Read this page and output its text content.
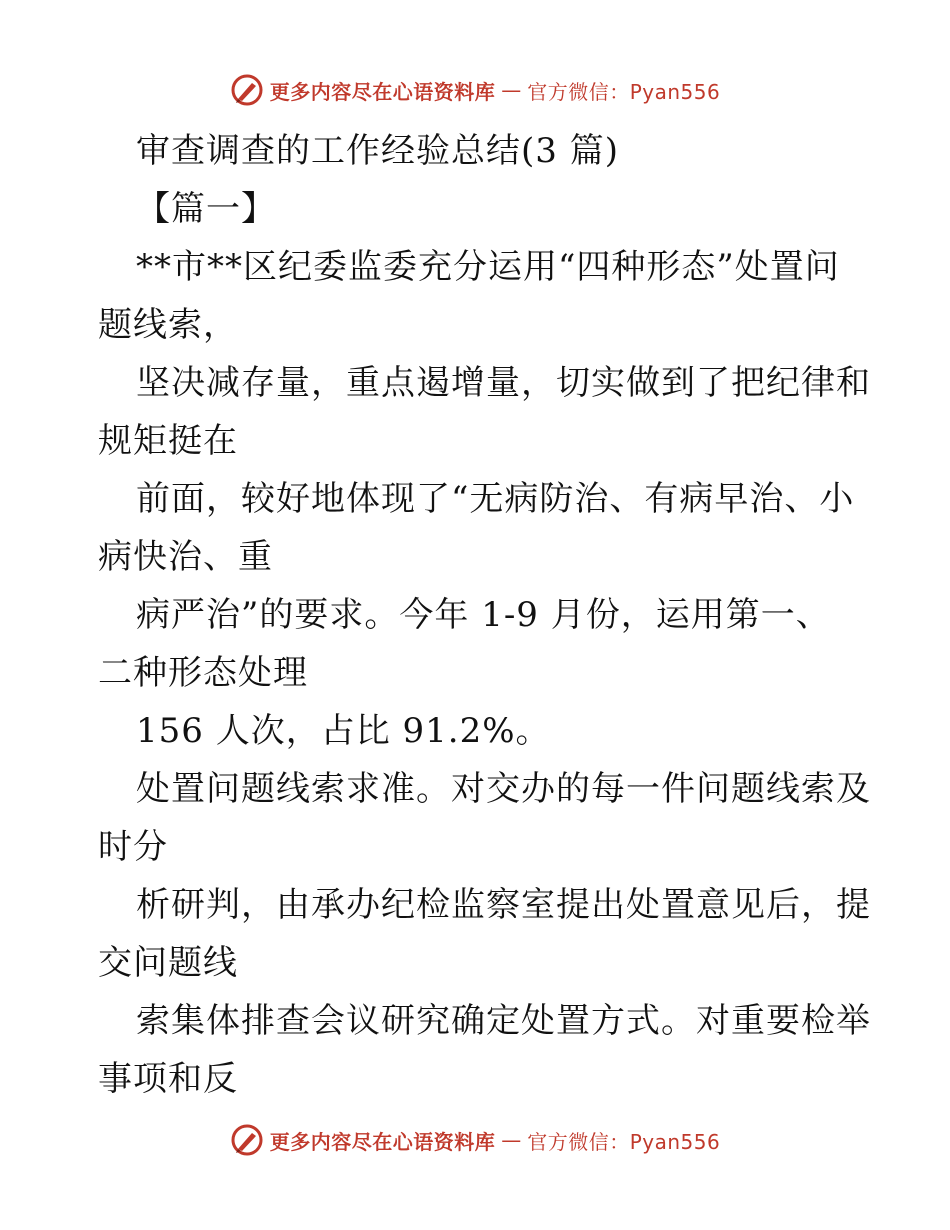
更多内容尽在心语资料库 — 官方微信：Pyan556
审查调查的工作经验总结(3 篇)
【篇一】
**市**区纪委监委充分运用“四种形态”处置问
题线索，
坚决减存量，重点遏增量，切实做到了把纪律和
规矩挺在
前面，较好地体现了“无病防治、有病早治、小
病快治、重
病严治”的要求。今年 1-9 月份，运用第一、
二种形态处理
156 人次，占比 91.2%。
处置问题线索求准。对交办的每一件问题线索及
时分
析研判，由承办纪检监察室提出处置意见后，提
交问题线
索集体排查会议研究确定处置方式。对重要检举
事项和反
更多内容尽在心语资料库 — 官方微信：Pyan556
